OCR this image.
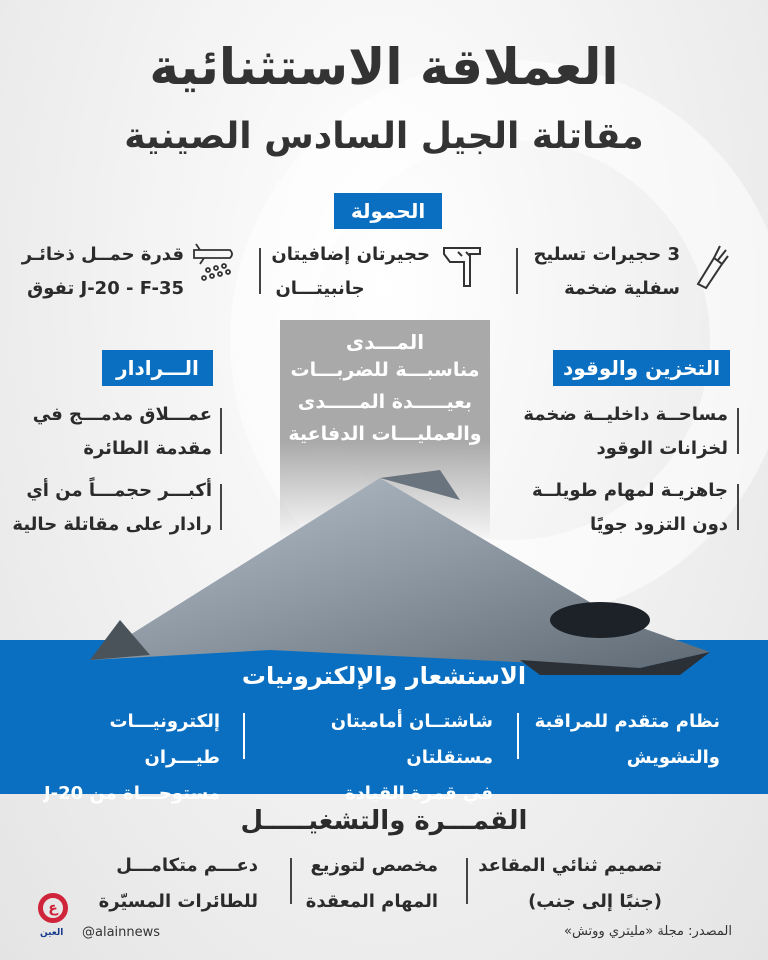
العملاقة الاستثنائية
مقاتلة الجيل السادس الصينية
الحمولة
3 حجيرات تسليح
سفلية ضخمة
حجيرتان إضافيتان
جانبيتـــان
قدرة حمــل ذخائـر
تفوق J-20 - F-35
المـــدى
مناسبـــة للضربـــات
بعيـــــدة المـــــدى
والعمليـــات الدفاعية
الـــرادار
عمـــلاق مدمـــج في
مقدمة الطائرة
أكبـــر حجمـــاً من أي
رادار على مقاتلة حالية
التخزين والوقود
مساحــة داخليــة ضخمة
لخزانات الوقود
جاهزيـة لمهام طويلــة
دون التزود جويًا
الاستشعار والإلكترونيات
نظام متقدم للمراقبة
والتشويش
شاشتــان أماميتان مستقلتان
في قمرة القيادة
إلكترونيـــات طيـــران
مستوحـــاة من J-20
القمـــرة والتشغيـــــل
تصميم ثنائي المقاعد
(جنبًا إلى جنب)
مخصص لتوزيع
المهام المعقدة
دعـــم متكامـــل
للطائرات المسيّرة
ع
العين @alainnews	المصدر: مجلة «مليتري ووتش»
